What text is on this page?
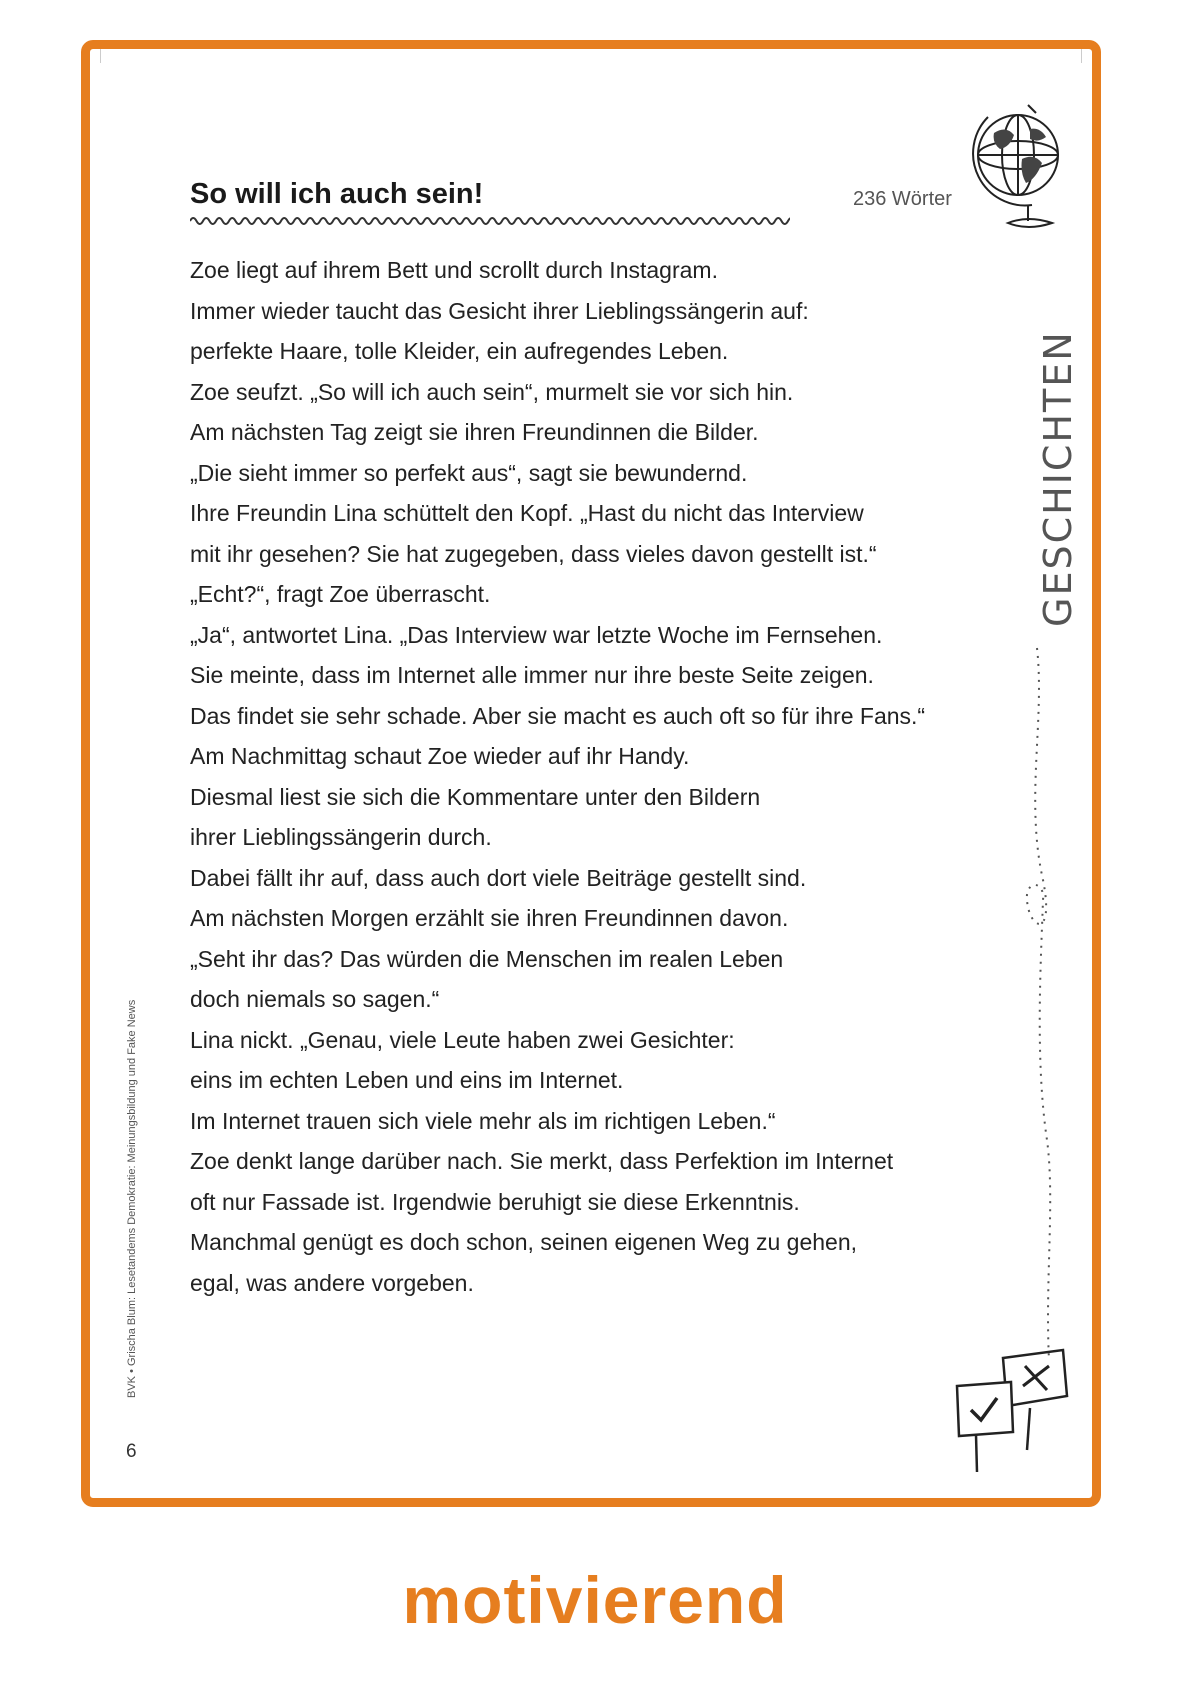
So will ich auch sein!	236 Wörter
Zoe liegt auf ihrem Bett und scrollt durch Instagram.
Immer wieder taucht das Gesicht ihrer Lieblingssängerin auf:
perfekte Haare, tolle Kleider, ein aufregendes Leben.
Zoe seufzt. „So will ich auch sein“, murmelt sie vor sich hin.
Am nächsten Tag zeigt sie ihren Freundinnen die Bilder.
„Die sieht immer so perfekt aus“, sagt sie bewundernd.
Ihre Freundin Lina schüttelt den Kopf. „Hast du nicht das Interview
mit ihr gesehen? Sie hat zugegeben, dass vieles davon gestellt ist.“
„Echt?“, fragt Zoe überrascht.
„Ja“, antwortet Lina. „Das Interview war letzte Woche im Fernsehen.
Sie meinte, dass im Internet alle immer nur ihre beste Seite zeigen.
Das findet sie sehr schade. Aber sie macht es auch oft so für ihre Fans.“
Am Nachmittag schaut Zoe wieder auf ihr Handy.
Diesmal liest sie sich die Kommentare unter den Bildern
ihrer Lieblingssängerin durch.
Dabei fällt ihr auf, dass auch dort viele Beiträge gestellt sind.
Am nächsten Morgen erzählt sie ihren Freundinnen davon.
„Seht ihr das? Das würden die Menschen im realen Leben
doch niemals so sagen.“
Lina nickt. „Genau, viele Leute haben zwei Gesichter:
eins im echten Leben und eins im Internet.
Im Internet trauen sich viele mehr als im richtigen Leben.“
Zoe denkt lange darüber nach. Sie merkt, dass Perfektion im Internet
oft nur Fassade ist. Irgendwie beruhigt sie diese Erkenntnis.
Manchmal genügt es doch schon, seinen eigenen Weg zu gehen,
egal, was andere vorgeben.
GESCHICHTEN
BVK • Grischa Blum: Lesetandems Demokratie: Meinungsbildung und Fake News
6
motivierend
